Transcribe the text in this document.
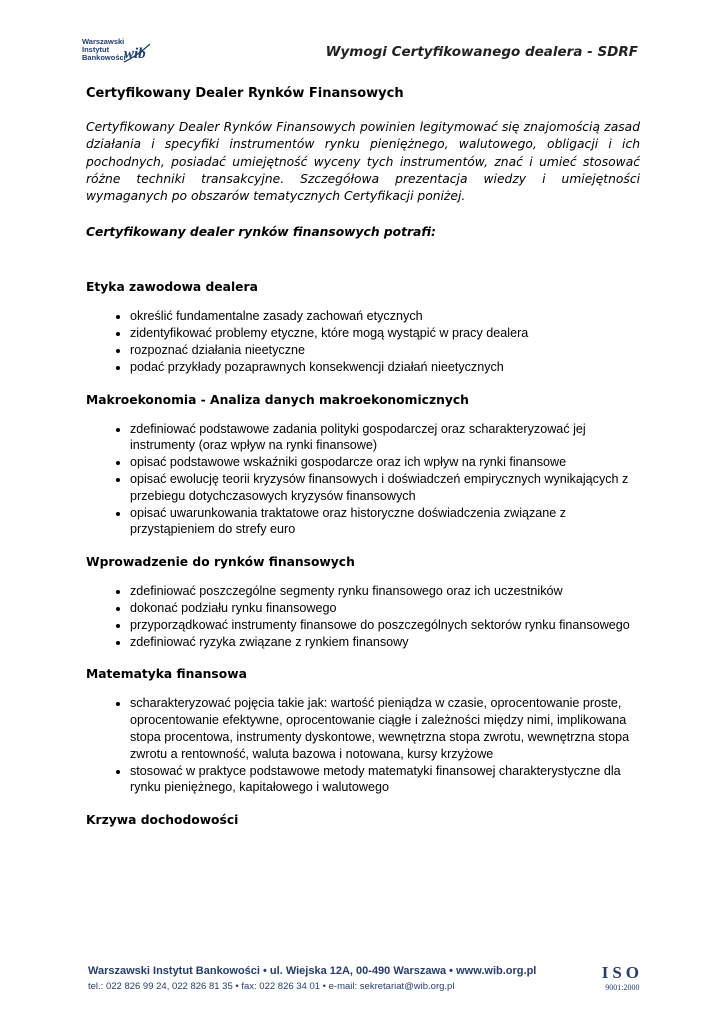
Warszawski
Instytut
Bankowości
wib	Wymogi Certyfikowanego dealera - SDRF
Certyfikowany Dealer Rynków Finansowych

Certyfikowany Dealer Rynków Finansowych powinien legitymować się znajomością zasad działania i specyfiki instrumentów rynku pieniężnego, walutowego, obligacji i ich pochodnych, posiadać umiejętność wyceny tych instrumentów, znać i umieć stosować różne techniki transakcyjne. Szczegółowa prezentacja wiedzy i umiejętności wymaganych po obszarów tematycznych Certyfikacji poniżej.

Certyfikowany dealer rynków finansowych potrafi:

Etyka zawodowa dealera
• określić fundamentalne zasady zachowań etycznych
• zidentyfikować problemy etyczne, które mogą wystąpić w pracy dealera
• rozpoznać działania nieetyczne
• podać przykłady pozaprawnych konsekwencji działań nieetycznych
Makroekonomia - Analiza danych makroekonomicznych
• zdefiniować podstawowe zadania polityki gospodarczej oraz scharakteryzować jej instrumenty (oraz wpływ na rynki finansowe)
• opisać podstawowe wskaźniki gospodarcze oraz ich wpływ na rynki finansowe
• opisać ewolucję teorii kryzysów finansowych i doświadczeń empirycznych wynikających z przebiegu dotychczasowych kryzysów finansowych
• opisać uwarunkowania traktatowe oraz historyczne doświadczenia związane z przystąpieniem do strefy euro
Wprowadzenie do rynków finansowych
• zdefiniować poszczególne segmenty rynku finansowego oraz ich uczestników
• dokonać podziału rynku finansowego
• przyporządkować instrumenty finansowe do poszczególnych sektorów rynku finansowego
• zdefiniować ryzyka związane z rynkiem finansowy
Matematyka finansowa
• scharakteryzować pojęcia takie jak: wartość pieniądza w czasie, oprocentowanie proste, oprocentowanie efektywne, oprocentowanie ciągłe i zależności między nimi, implikowana stopa procentowa, instrumenty dyskontowe, wewnętrzna stopa zwrotu, wewnętrzna stopa zwrotu a rentowność, waluta bazowa i notowana, kursy krzyżowe
• stosować w praktyce podstawowe metody matematyki finansowej charakterystyczne dla rynku pieniężnego, kapitałowego i walutowego
Krzywa dochodowości
Warszawski Instytut Bankowości • ul. Wiejska 12A, 00-490 Warszawa • www.wib.org.pl
tel.: 022 826 99 24, 022 826 81 35 • fax: 022 826 34 01 • e-mail: sekretariat@wib.org.pl
ISO
9001:2000
